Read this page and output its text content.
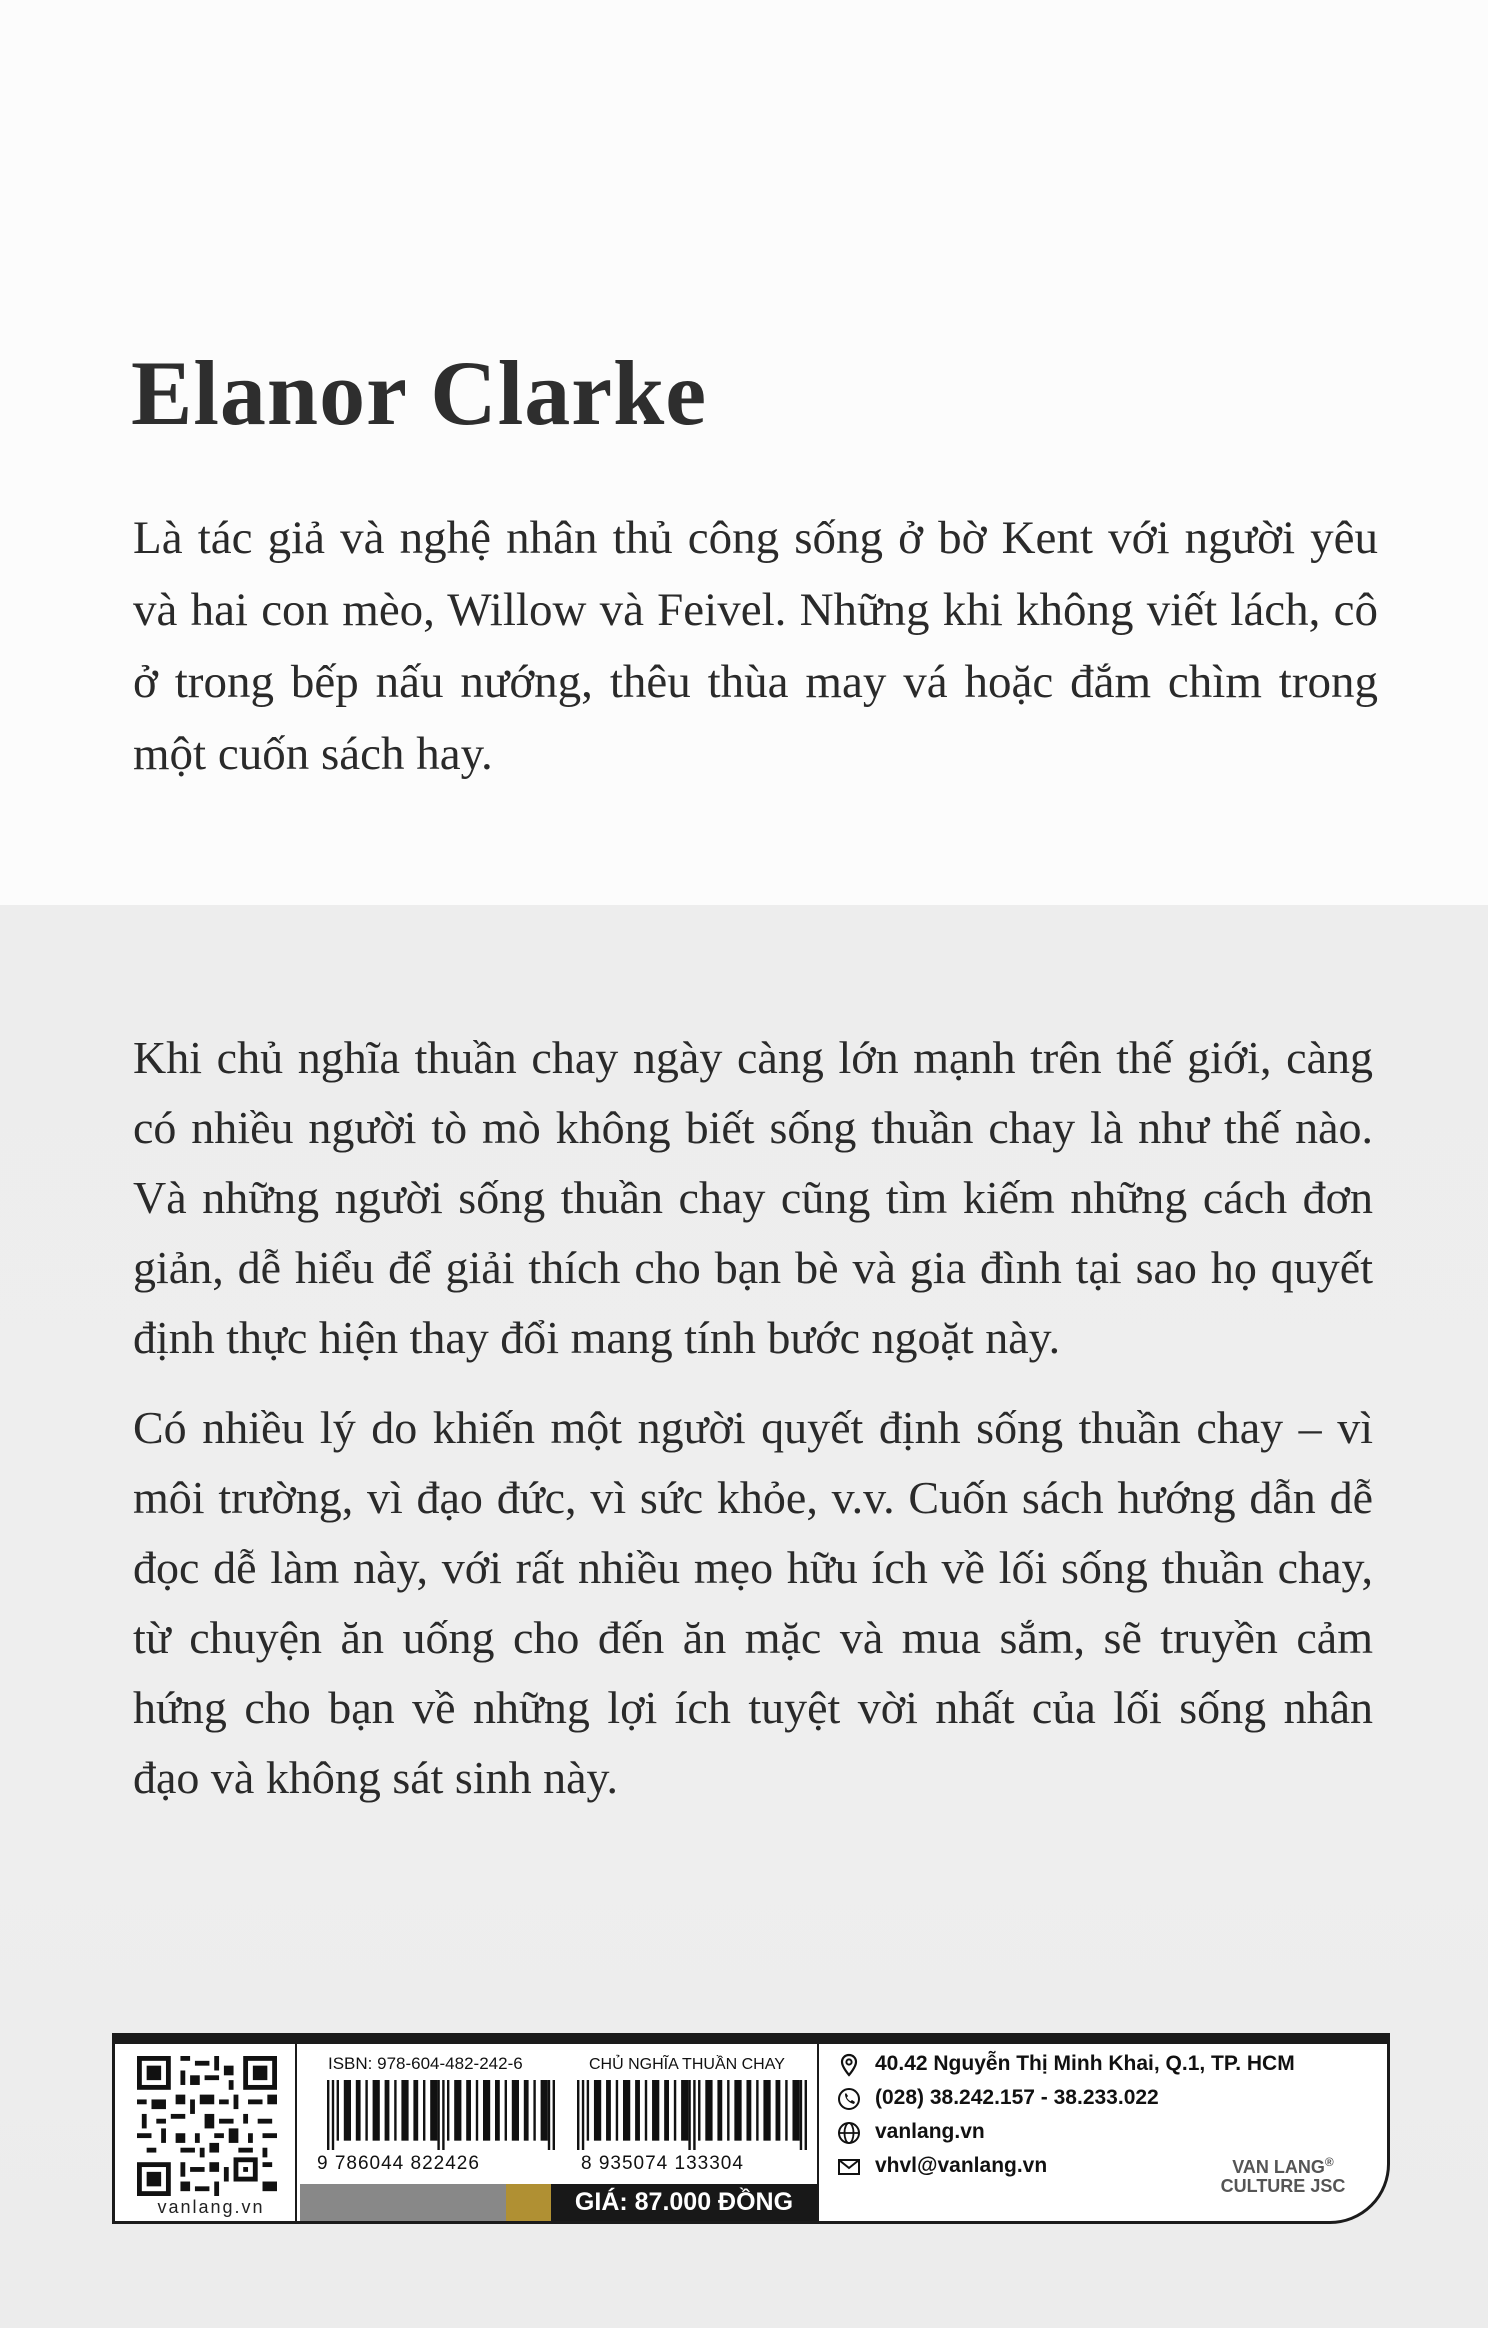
Elanor Clarke

Là tác giả và nghệ nhân thủ công sống ở bờ Kent với người yêu và hai con mèo, Willow và Feivel. Những khi không viết lách, cô ở trong bếp nấu nướng, thêu thùa may vá hoặc đắm chìm trong một cuốn sách hay.

Khi chủ nghĩa thuần chay ngày càng lớn mạnh trên thế giới, càng có nhiều người tò mò không biết sống thuần chay là như thế nào. Và những người sống thuần chay cũng tìm kiếm những cách đơn giản, dễ hiểu để giải thích cho bạn bè và gia đình tại sao họ quyết định thực hiện thay đổi mang tính bước ngoặt này.

Có nhiều lý do khiến một người quyết định sống thuần chay – vì môi trường, vì đạo đức, vì sức khỏe, v.v. Cuốn sách hướng dẫn dễ đọc dễ làm này, với rất nhiều mẹo hữu ích về lối sống thuần chay, từ chuyện ăn uống cho đến ăn mặc và mua sắm, sẽ truyền cảm hứng cho bạn về những lợi ích tuyệt vời nhất của lối sống nhân đạo và không sát sinh này.

vanlang.vn
ISBN: 978-604-482-242-6	CHỦ NGHĨA THUẦN CHAY
9 786044 822426	8 935074 133304
GIÁ: 87.000 ĐỒNG
40.42 Nguyễn Thị Minh Khai, Q.1, TP. HCM
(028) 38.242.157 - 38.233.022
vanlang.vn
vhvl@vanlang.vn	VAN LANG®
CULTURE JSC
